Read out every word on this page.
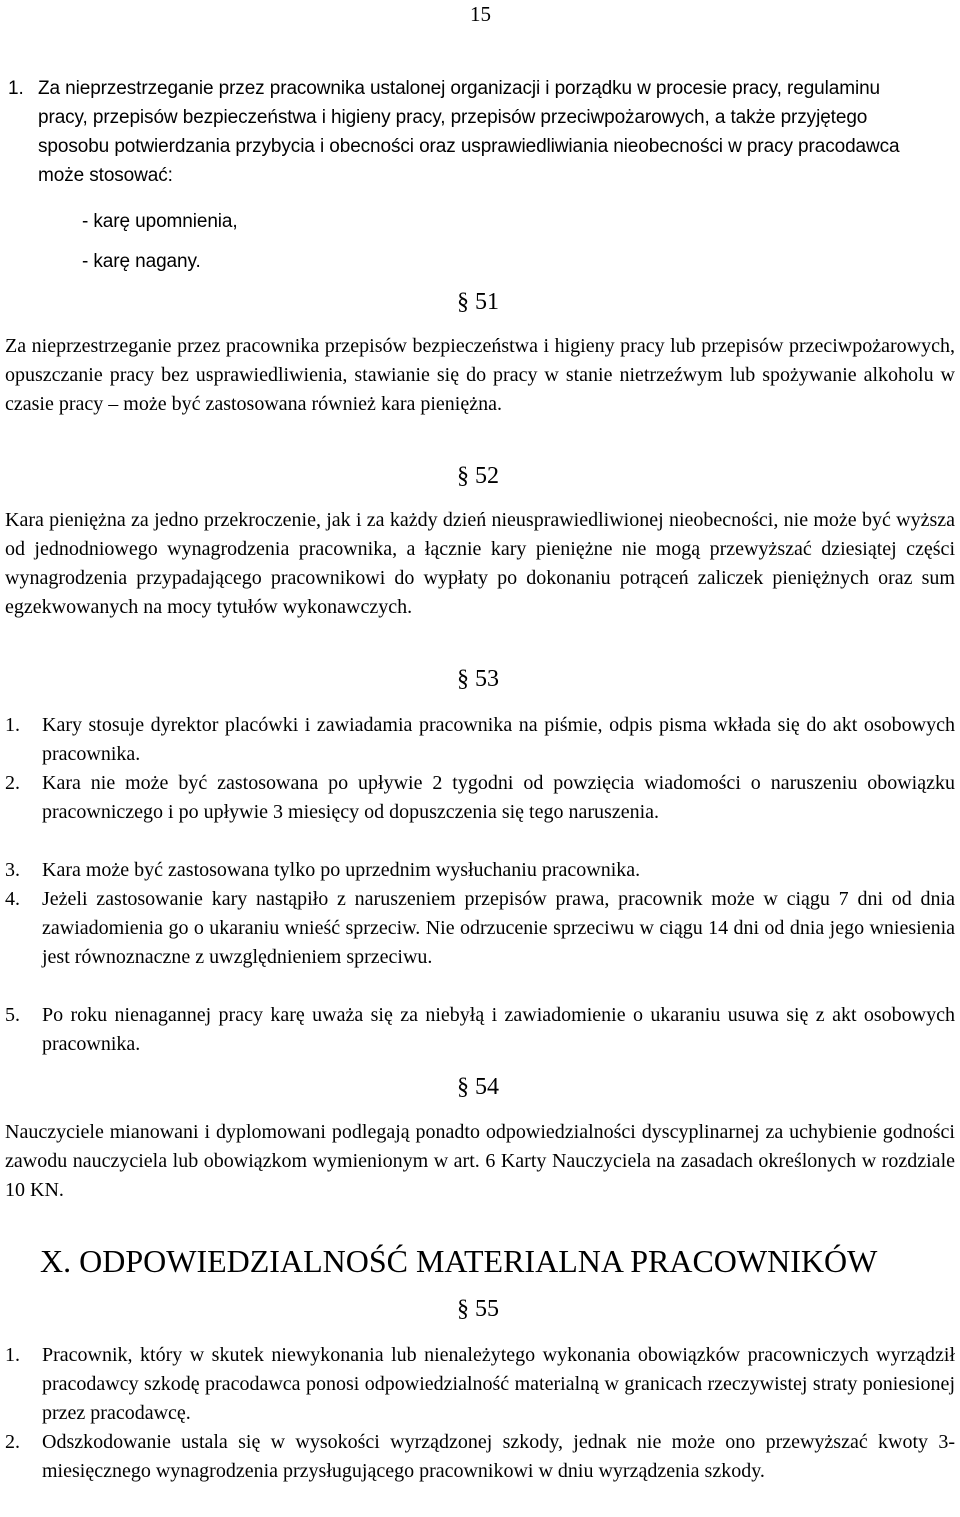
15
1. Za nieprzestrzeganie przez pracownika ustalonej organizacji i porządku w procesie pracy, regulaminu pracy, przepisów bezpieczeństwa i higieny pracy, przepisów przeciwpożarowych, a także przyjętego sposobu potwierdzania przybycia i obecności oraz usprawiedliwiania nieobecności w pracy pracodawca może stosować:
- karę upomnienia,
- karę nagany.
§ 51
Za nieprzestrzeganie przez pracownika przepisów bezpieczeństwa i higieny pracy lub przepisów przeciwpożarowych, opuszczanie pracy bez usprawiedliwienia, stawianie się do pracy w stanie nietrzeźwym lub spożywanie alkoholu w czasie pracy – może być zastosowana również kara pieniężna.
§ 52
Kara pieniężna za jedno przekroczenie, jak i za każdy dzień nieusprawiedliwionej nieobecności, nie może być wyższa od jednodniowego wynagrodzenia pracownika, a łącznie kary pieniężne nie mogą przewyższać dziesiątej części wynagrodzenia przypadającego pracownikowi do wypłaty po dokonaniu potrąceń zaliczek pieniężnych oraz sum egzekwowanych na mocy tytułów wykonawczych.
§ 53
1. Kary stosuje dyrektor placówki i zawiadamia pracownika na piśmie, odpis pisma wkłada się do akt osobowych pracownika.
2. Kara nie może być zastosowana po upływie 2 tygodni od powzięcia wiadomości o naruszeniu obowiązku pracowniczego i po upływie 3 miesięcy od dopuszczenia się tego naruszenia.
3. Kara może być zastosowana tylko po uprzednim wysłuchaniu pracownika.
4. Jeżeli zastosowanie kary nastąpiło z naruszeniem przepisów prawa, pracownik może w ciągu 7 dni od dnia zawiadomienia go o ukaraniu wnieść sprzeciw. Nie odrzucenie sprzeciwu w ciągu 14 dni od dnia jego wniesienia jest równoznaczne z uwzględnieniem sprzeciwu.
5. Po roku nienagannej pracy karę uważa się za niebyłą i zawiadomienie o ukaraniu usuwa się z akt osobowych pracownika.
§ 54
Nauczyciele mianowani i dyplomowani podlegają ponadto odpowiedzialności dyscyplinarnej za uchybienie godności zawodu nauczyciela lub obowiązkom wymienionym w art. 6 Karty Nauczyciela na zasadach określonych w rozdziale 10 KN.
X. ODPOWIEDZIALNOŚĆ MATERIALNA PRACOWNIKÓW
§ 55
1. Pracownik, który w skutek niewykonania lub nienależytego wykonania obowiązków pracowniczych wyrządził pracodawcy szkodę pracodawca ponosi odpowiedzialność materialną w granicach rzeczywistej straty poniesionej przez pracodawcę.
2. Odszkodowanie ustala się w wysokości wyrządzonej szkody, jednak nie może ono przewyższać kwoty 3-miesięcznego wynagrodzenia przysługującego pracownikowi w dniu wyrządzenia szkody.
